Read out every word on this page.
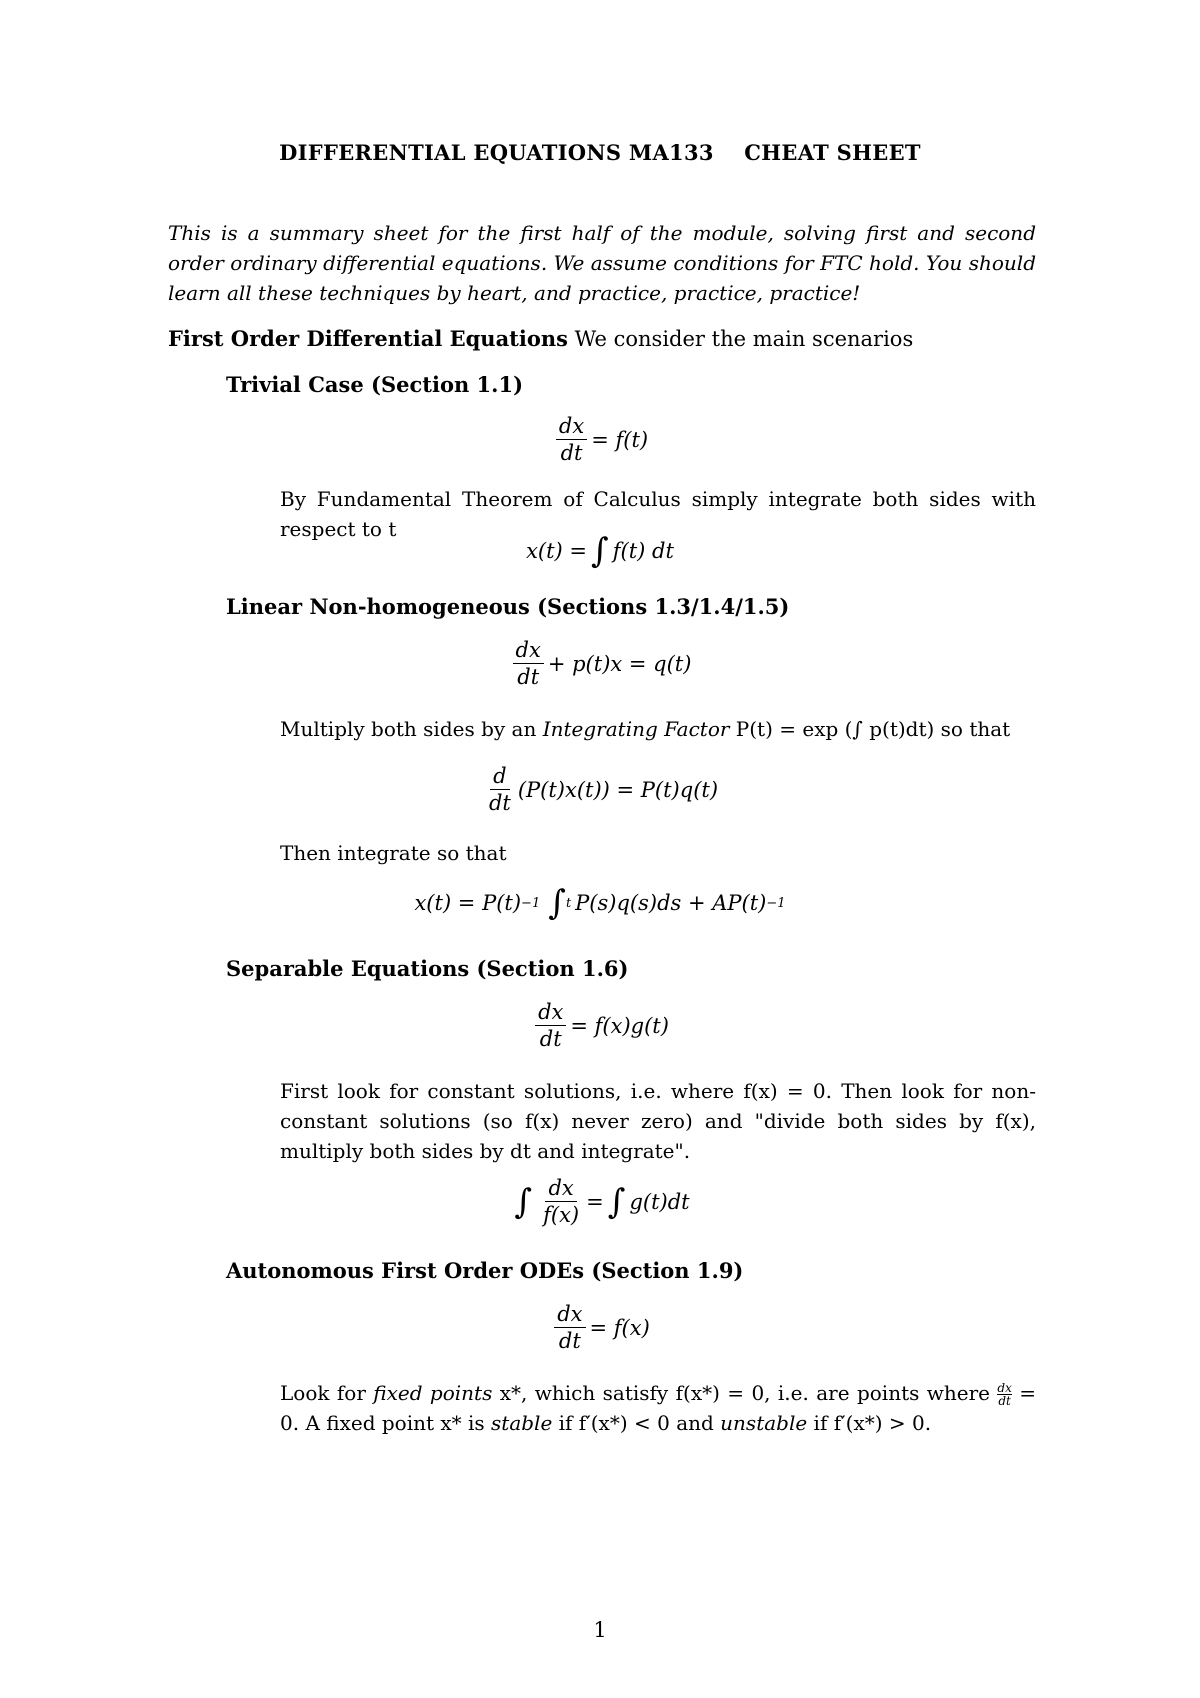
DIFFERENTIAL EQUATIONS MA133    CHEAT SHEET
This is a summary sheet for the first half of the module, solving first and second order ordinary differential equations. We assume conditions for FTC hold. You should learn all these techniques by heart, and practice, practice, practice!
First Order Differential Equations We consider the main scenarios
Trivial Case (Section 1.1)
$\frac{dx}{dt} = f(t)$
By Fundamental Theorem of Calculus simply integrate both sides with respect to t
x(t) = ∫ f(t) dt
Linear Non-homogeneous (Sections 1.3/1.4/1.5)
$\frac{dx}{dt} + p(t)x = q(t)$
Multiply both sides by an Integrating Factor P(t) = exp (∫ p(t)dt) so that
$\frac{d}{dt} (P(t)x(t)) = P(t)q(t)$
Then integrate so that
x(t) = P(t) −1 ∫ t P(s)q(s)ds + AP(t) −1
Separable Equations (Section 1.6)
$\frac{dx}{dt} = f(x)g(t)$
First look for constant solutions, i.e. where f(x) = 0. Then look for non-constant solutions (so f(x) never zero) and "divide both sides by f(x), multiply both sides by dt and integrate".
∫ $\frac{dx}{f(x)}$ = ∫ g(t)dt
Autonomous First Order ODEs (Section 1.9)
$\frac{dx}{dt} = f(x)$
Look for fixed points x*, which satisfy f(x*) = 0, i.e. are points where $\frac{dx}{dt} = 0$. A fixed point x* is stable if f′(x*) < 0 and unstable if f′(x*) > 0.
1
